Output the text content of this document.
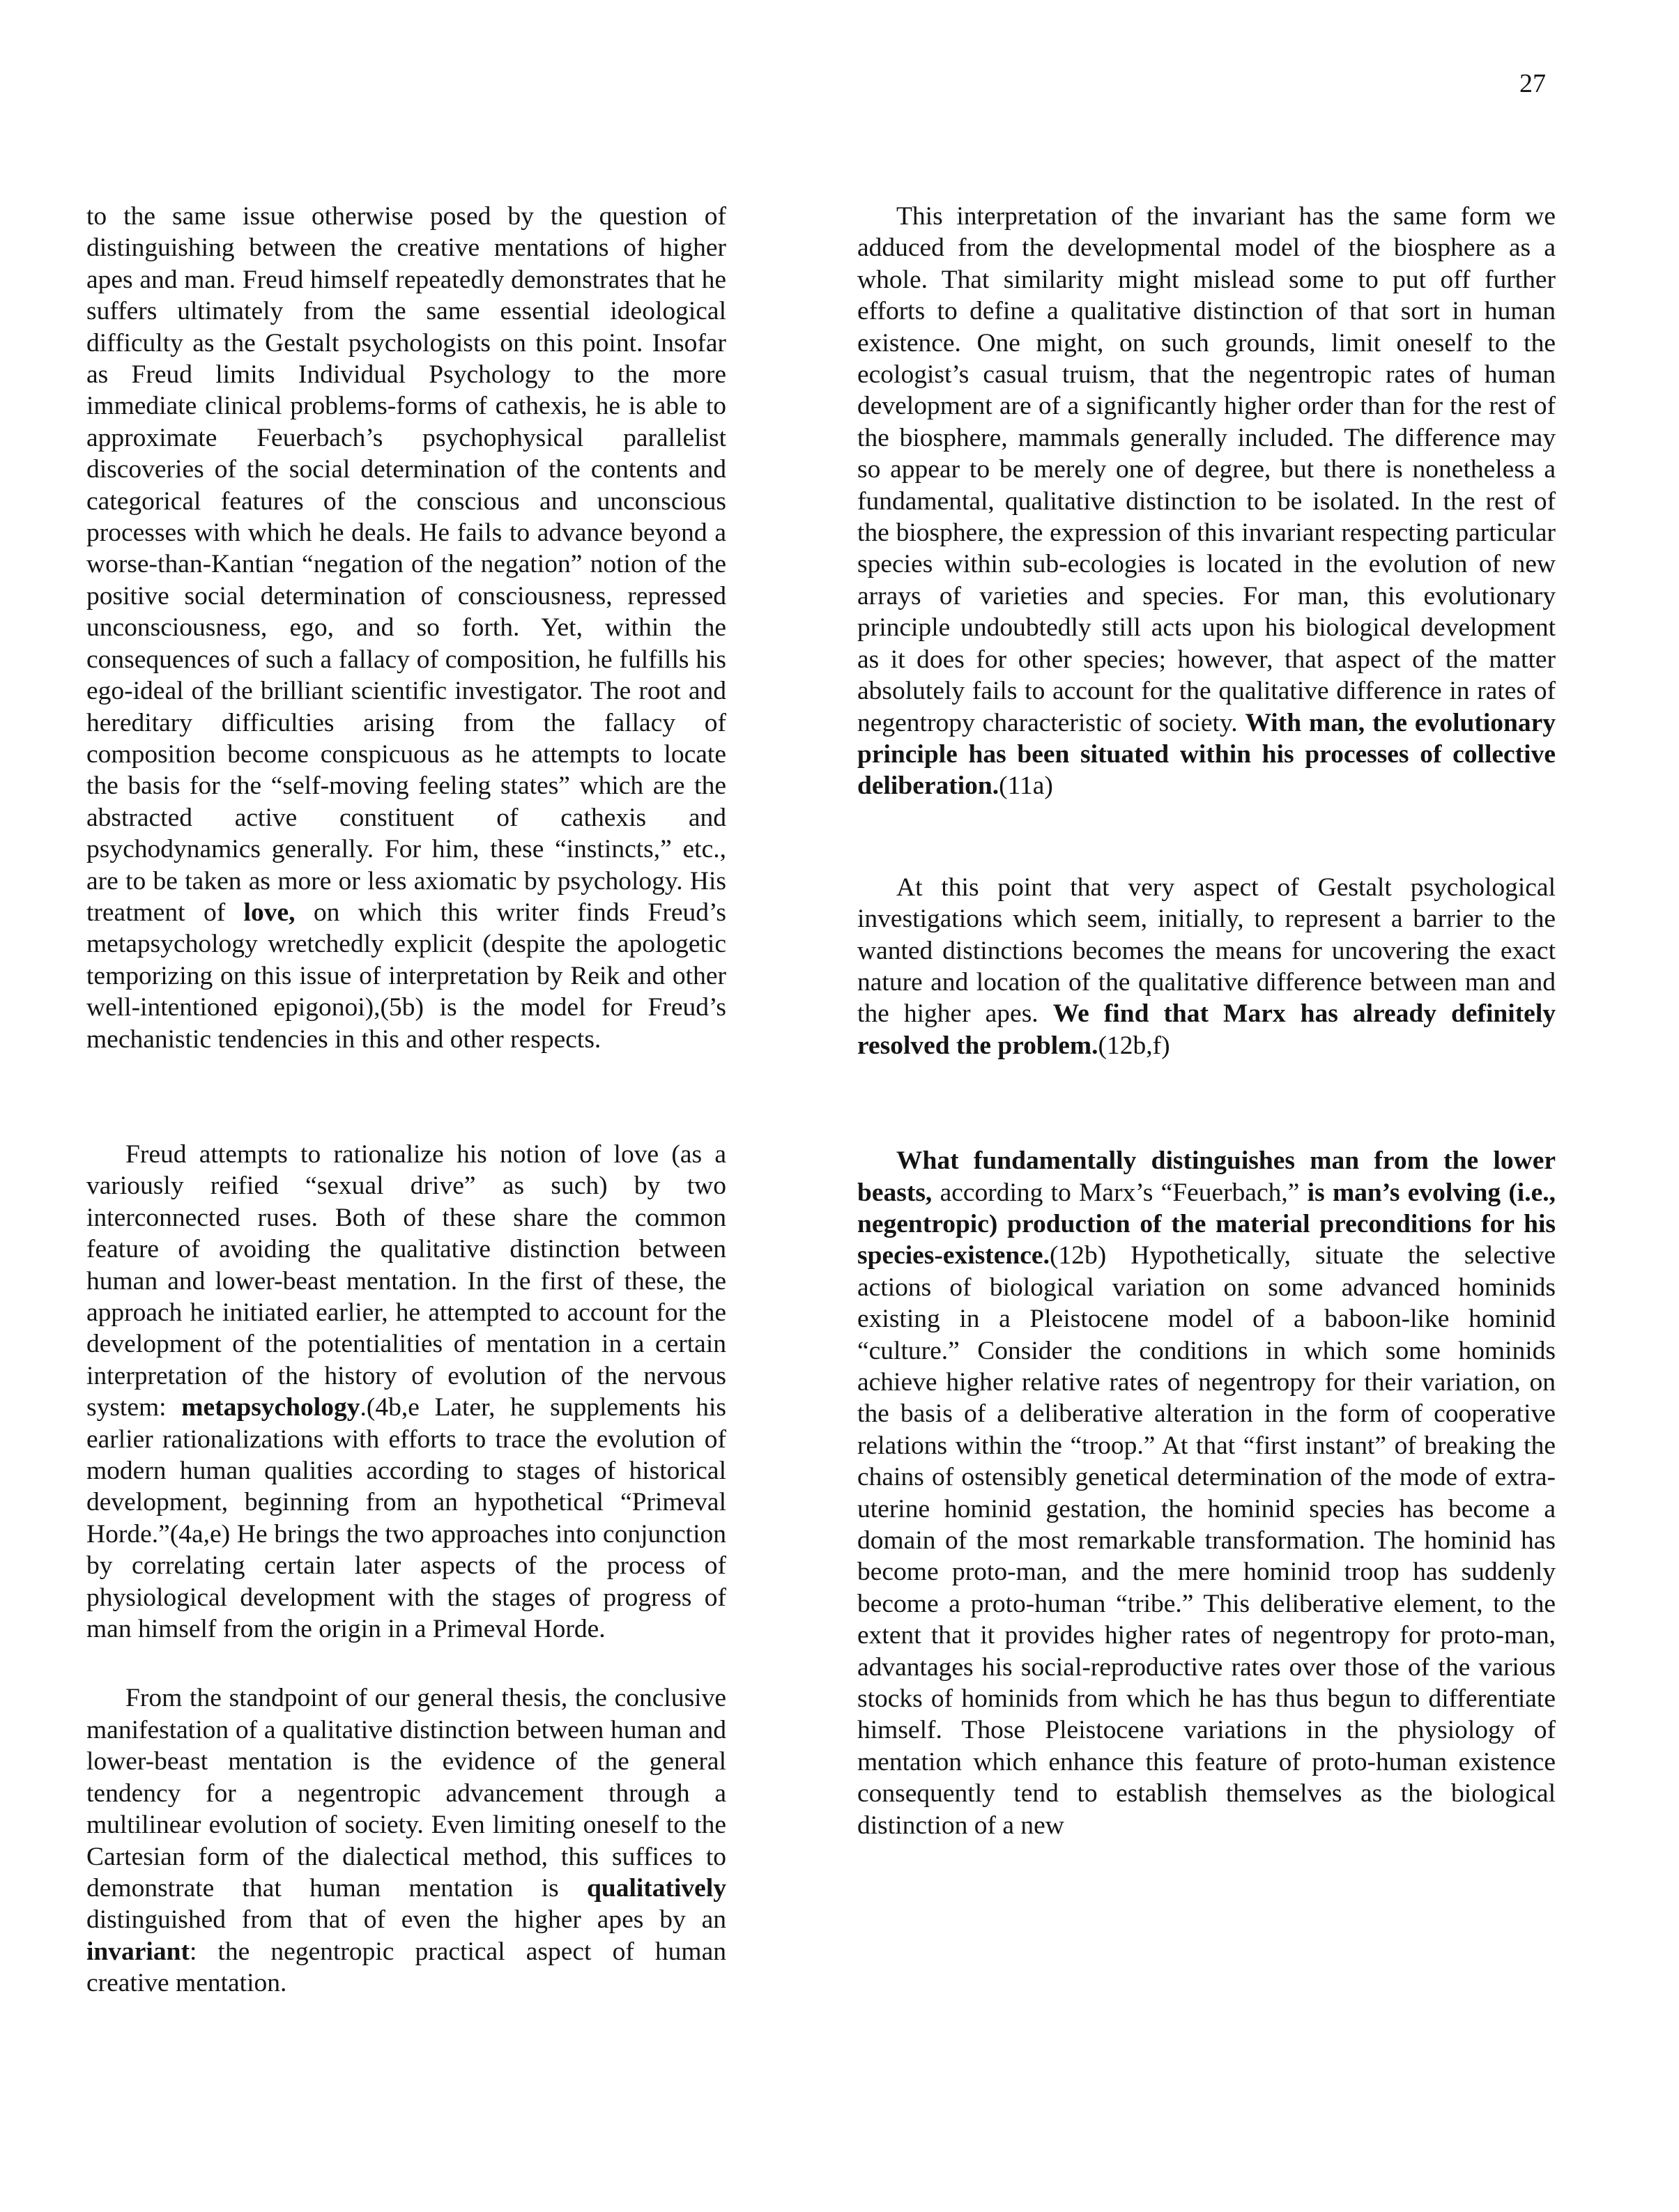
27

to the same issue otherwise posed by the question of distinguishing between the creative mentations of higher apes and man. Freud himself repeatedly demonstrates that he suffers ultimately from the same essential ideological difficulty as the Gestalt psychologists on this point. Insofar as Freud limits Individual Psychology to the more immediate clinical problems-forms of cathexis, he is able to approximate Feuerbach’s psychophysical parallelist discoveries of the social determination of the contents and categorical features of the conscious and unconscious processes with which he deals. He fails to advance beyond a worse-than-Kantian “negation of the negation” notion of the positive social determination of consciousness, repressed unconsciousness, ego, and so forth. Yet, within the consequences of such a fallacy of composition, he fulfills his ego-ideal of the brilliant scientific investigator. The root and hereditary difficulties arising from the fallacy of composition become conspicuous as he attempts to locate the basis for the “self-moving feeling states” which are the abstracted active constituent of cathexis and psychodynamics generally. For him, these “instincts,” etc., are to be taken as more or less axiomatic by psychology. His treatment of love, on which this writer finds Freud’s metapsychology wretchedly explicit (despite the apologetic temporizing on this issue of interpretation by Reik and other well-intentioned epigonoi),(5b) is the model for Freud’s mechanistic tendencies in this and other respects.

Freud attempts to rationalize his notion of love (as a variously reified “sexual drive” as such) by two interconnected ruses. Both of these share the common feature of avoiding the qualitative distinction between human and lower-beast mentation. In the first of these, the approach he initiated earlier, he attempted to account for the development of the potentialities of mentation in a certain interpretation of the history of evolution of the nervous system: metapsychology.(4b,e Later, he supplements his earlier rationalizations with efforts to trace the evolution of modern human qualities according to stages of historical development, beginning from an hypothetical “Primeval Horde.”(4a,e) He brings the two approaches into conjunction by correlating certain later aspects of the process of physiological development with the stages of progress of man himself from the origin in a Primeval Horde.

From the standpoint of our general thesis, the conclusive manifestation of a qualitative distinction between human and lower-beast mentation is the evidence of the general tendency for a negentropic advancement through a multilinear evolution of society. Even limiting oneself to the Cartesian form of the dialectical method, this suffices to demonstrate that human mentation is qualitatively distinguished from that of even the higher apes by an invariant: the negentropic practical aspect of human creative mentation.

This interpretation of the invariant has the same form we adduced from the developmental model of the biosphere as a whole. That similarity might mislead some to put off further efforts to define a qualitative distinction of that sort in human existence. One might, on such grounds, limit oneself to the ecologist’s casual truism, that the negentropic rates of human development are of a significantly higher order than for the rest of the biosphere, mammals generally included. The difference may so appear to be merely one of degree, but there is nonetheless a fundamental, qualitative distinction to be isolated. In the rest of the biosphere, the expression of this invariant respecting particular species within sub-ecologies is located in the evolution of new arrays of varieties and species. For man, this evolutionary principle undoubtedly still acts upon his biological development as it does for other species; however, that aspect of the matter absolutely fails to account for the qualitative difference in rates of negentropy characteristic of society. With man, the evolutionary principle has been situated within his processes of collective deliberation.(11a)

At this point that very aspect of Gestalt psychological investigations which seem, initially, to represent a barrier to the wanted distinctions becomes the means for uncovering the exact nature and location of the qualitative difference between man and the higher apes. We find that Marx has already definitely resolved the problem.(12b,f)

What fundamentally distinguishes man from the lower beasts, according to Marx’s “Feuerbach,” is man’s evolving (i.e., negentropic) production of the material preconditions for his species-existence.(12b) Hypothetically, situate the selective actions of biological variation on some advanced hominids existing in a Pleistocene model of a baboon-like hominid “culture.” Consider the conditions in which some hominids achieve higher relative rates of negentropy for their variation, on the basis of a deliberative alteration in the form of cooperative relations within the “troop.” At that “first instant” of breaking the chains of ostensibly genetical determination of the mode of extra-uterine hominid gestation, the hominid species has become a domain of the most remarkable transformation. The hominid has become proto-man, and the mere hominid troop has suddenly become a proto-human “tribe.” This deliberative element, to the extent that it provides higher rates of negentropy for proto-man, advantages his social-reproductive rates over those of the various stocks of hominids from which he has thus begun to differentiate himself. Those Pleistocene variations in the physiology of mentation which enhance this feature of proto-human existence consequently tend to establish themselves as the biological distinction of a new
